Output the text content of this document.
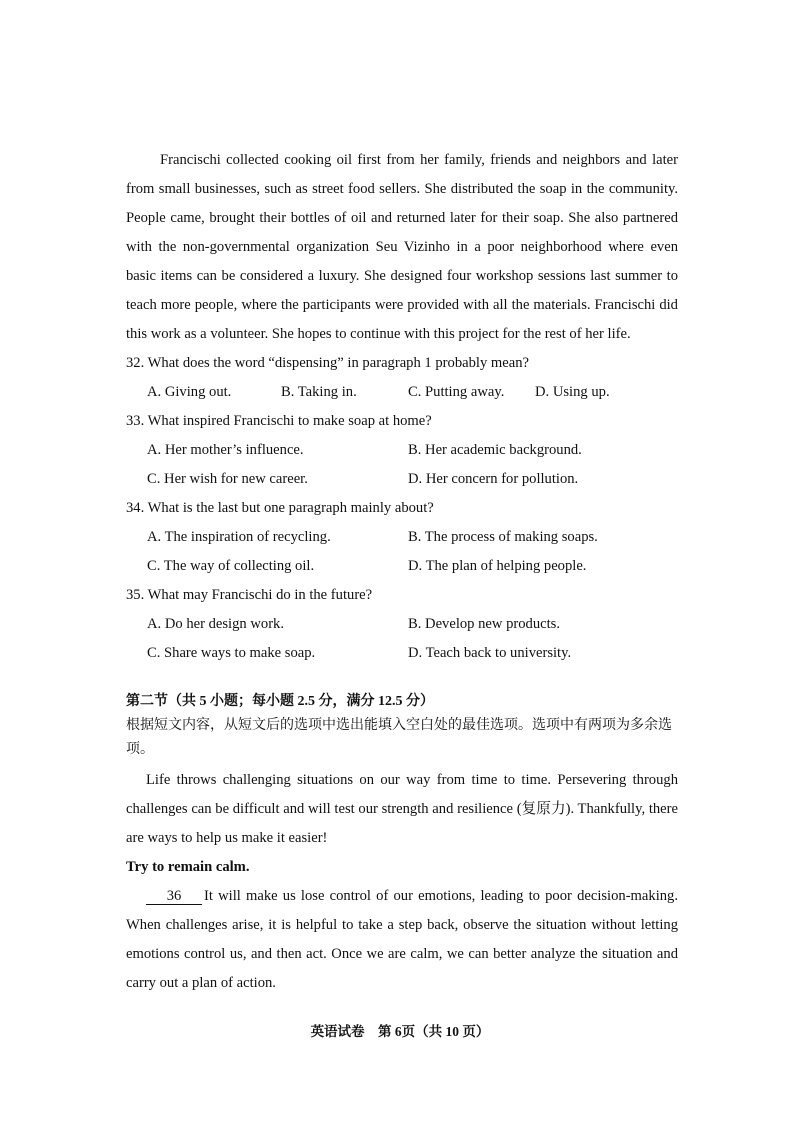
Francischi collected cooking oil first from her family, friends and neighbors and later from small businesses, such as street food sellers. She distributed the soap in the community. People came, brought their bottles of oil and returned later for their soap. She also partnered with the non-governmental organization Seu Vizinho in a poor neighborhood where even basic items can be considered a luxury. She designed four workshop sessions last summer to teach more people, where the participants were provided with all the materials. Francischi did this work as a volunteer. She hopes to continue with this project for the rest of her life.

32. What does the word “dispensing” in paragraph 1 probably mean?

A. Giving out.	B. Taking in.	C. Putting away.	D. Using up.

33. What inspired Francischi to make soap at home?

A. Her mother’s influence.	B. Her academic background.
C. Her wish for new career.	D. Her concern for pollution.

34. What is the last but one paragraph mainly about?

A. The inspiration of recycling.	B. The process of making soaps.
C. The way of collecting oil.	D. The plan of helping people.

35. What may Francischi do in the future?

A. Do her design work.	B. Develop new products.
C. Share ways to make soap.	D. Teach back to university.
第二节（共 5 小题；每小题 2.5 分，满分 12.5 分）
根据短文内容，从短文后的选项中选出能填入空白处的最佳选项。选项中有两项为多余选项。

Life throws challenging situations on our way from time to time. Persevering through challenges can be difficult and will test our strength and resilience (复原力). Thankfully, there are ways to help us make it easier!

Try to remain calm.

36 It will make us lose control of our emotions, leading to poor decision-making. When challenges arise, it is helpful to take a step back, observe the situation without letting emotions control us, and then act. Once we are calm, we can better analyze the situation and carry out a plan of action.

英语试卷　第 6页（共 10 页）
